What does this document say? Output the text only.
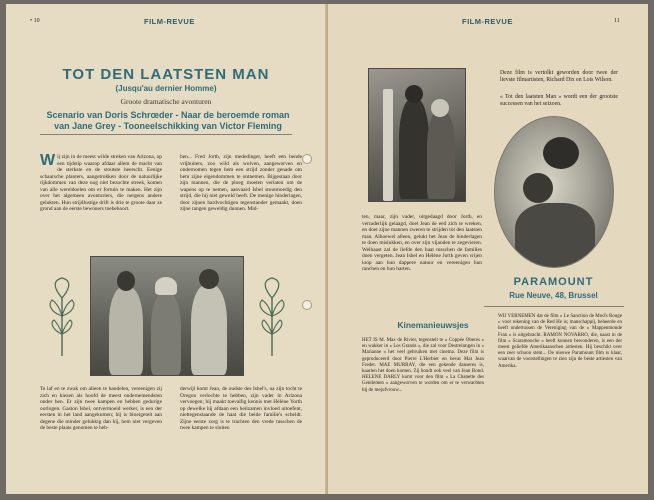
• 10	FILM-REVUE
TOT DEN LAATSTEN MAN
(Jusqu'au dernier Homme)
Groote dramatische avonturen
Scenario van Doris Schrœder - Naar de beroemde roman
van Jane Grey - Tooneelschikking van Victor Fleming
Wij zijn in de meest wilde streken van Arizona, op een tijdstip waarop afdaar allem de macht van de sterkste en de stoutste heerscht. Eenige schaarsche planters, aangetrokken door de natuurlijke rijkdommen van deze nog niet bezochte streek, komen van alle wereldoelen om er fortuin te maken. Het zijn over het algemeen avonturiers, die nergens andere gelukten. Hun strijdlustige drift is drie te groote daar ze grond aan de eerste bewoners toebehoort.
ben... Fred Jorth, zijn mededinger, heeft een bende vrijbuiters, zoo wild als wolven, aangeworven en ondernomen tegen hem een strijd zonder genade om hem zijne eigendommen te ontnemen. Bijgestaan door zijn mannen, die de ploeg moeten verlaten om de wapens op te nemen, aanvaard Isbel stoutmoedig den strijd, die hij niet geweld heeft. De menige hinderlagen, door zijnen hardvochtigen tegenstander gemaakt, doen zijne rangen geweldig dunnen. Mid-
Te laf en te zwak om alleen te handelen, vereenigen zij zich en kiezen als hoofd de meest ondernemendsten onder hen. Er zijn twee kampen en hebben gedurige oorlogen. Gaston Isbel, ontvermoeid werker, is een der eersten in het land aangekomen; hij is bloeigetelt aan degene die minder gelukkig dan hij, hem niet vergeven de beste plaats genomen te heb-
derwijl komt Jean, de oudste des Isbel's, na zijn tocht te Oregon verlochte te hebben, zijn vader in Arizona vervoegen; hij maakt toevallig kennis met Hélène Yorth op dewelke hij afdaan een heilzamen invloed uitoefent, niettegenstaande de haat die beide familie's scheidt. Zijne eerste zorg is te trachten den vrede tusschen de twee kampen te sluiten
FILM-REVUE	11
Deze film is vertolkt geworden door twee der lievste filmartisten, Richard Dix en Lois Wilson.
« Tot den laatsten Man » wordt een der grootste successen van het seizoen.
ten, maar, zijn vader, uitgedaagd door Jorth, en verraderlijk gelaagd, doet Jean de eed zich te wreken, en doet zijne mannen zweren te strijden tot den laatsten man. Alhoewel alleen, gelukt het Jean de hinderlagen te doen mislukken, en over zijn vijanden te zegevieren. Welhaast zal de liefde den haat tusschen de families doen vergeten. Jean Isbel en Hélène Jorth geven vrijen loop aan hun dappere natuur en vereenigen hun ranchen en hun harten.
PARAMOUNT
Rue Neuve, 48, Brussel
Kinemanieuwsjes
HET IS M. Max de Rivier, tegenstelt te « Coppée Oberes » en wakker in « Les Grands », die zal voor Destrelungen in « Marianne » het veel gebruiken met cinema. Deze film is geproduceerd door Pierre L'Herbier en bevat Mat Jean Fredet. MAE MURRAY, die een gekende danseres is, kaarten het doen komen. Zij houdt ook veel van Jean Bond. HELENE DARLY komt voor den film « La Chanette des Gentlemen » aangeworven te worden om er te verwachten bij de mejufvrouw...
WIJ VERNEMEN dat de film « Le Sanction de Mod's Rouge » voor rekening van de Red He is; manschappij, beheerde en heeft ondertussen de Vereniging van de « Mappenmonde Fran » is uitgebracht. RAMON NOVARRO, die, naast in de film « Scaramouche » heeft kunnen bewonderen, is een der meest geliefde Amerikaanschen artiesten. Hij beschikt over een zeer schoon stem... De nieuwe Paramount film is klaar, waarvan de voorstellingen te zien zijn de beste artiesten van Amerika.
